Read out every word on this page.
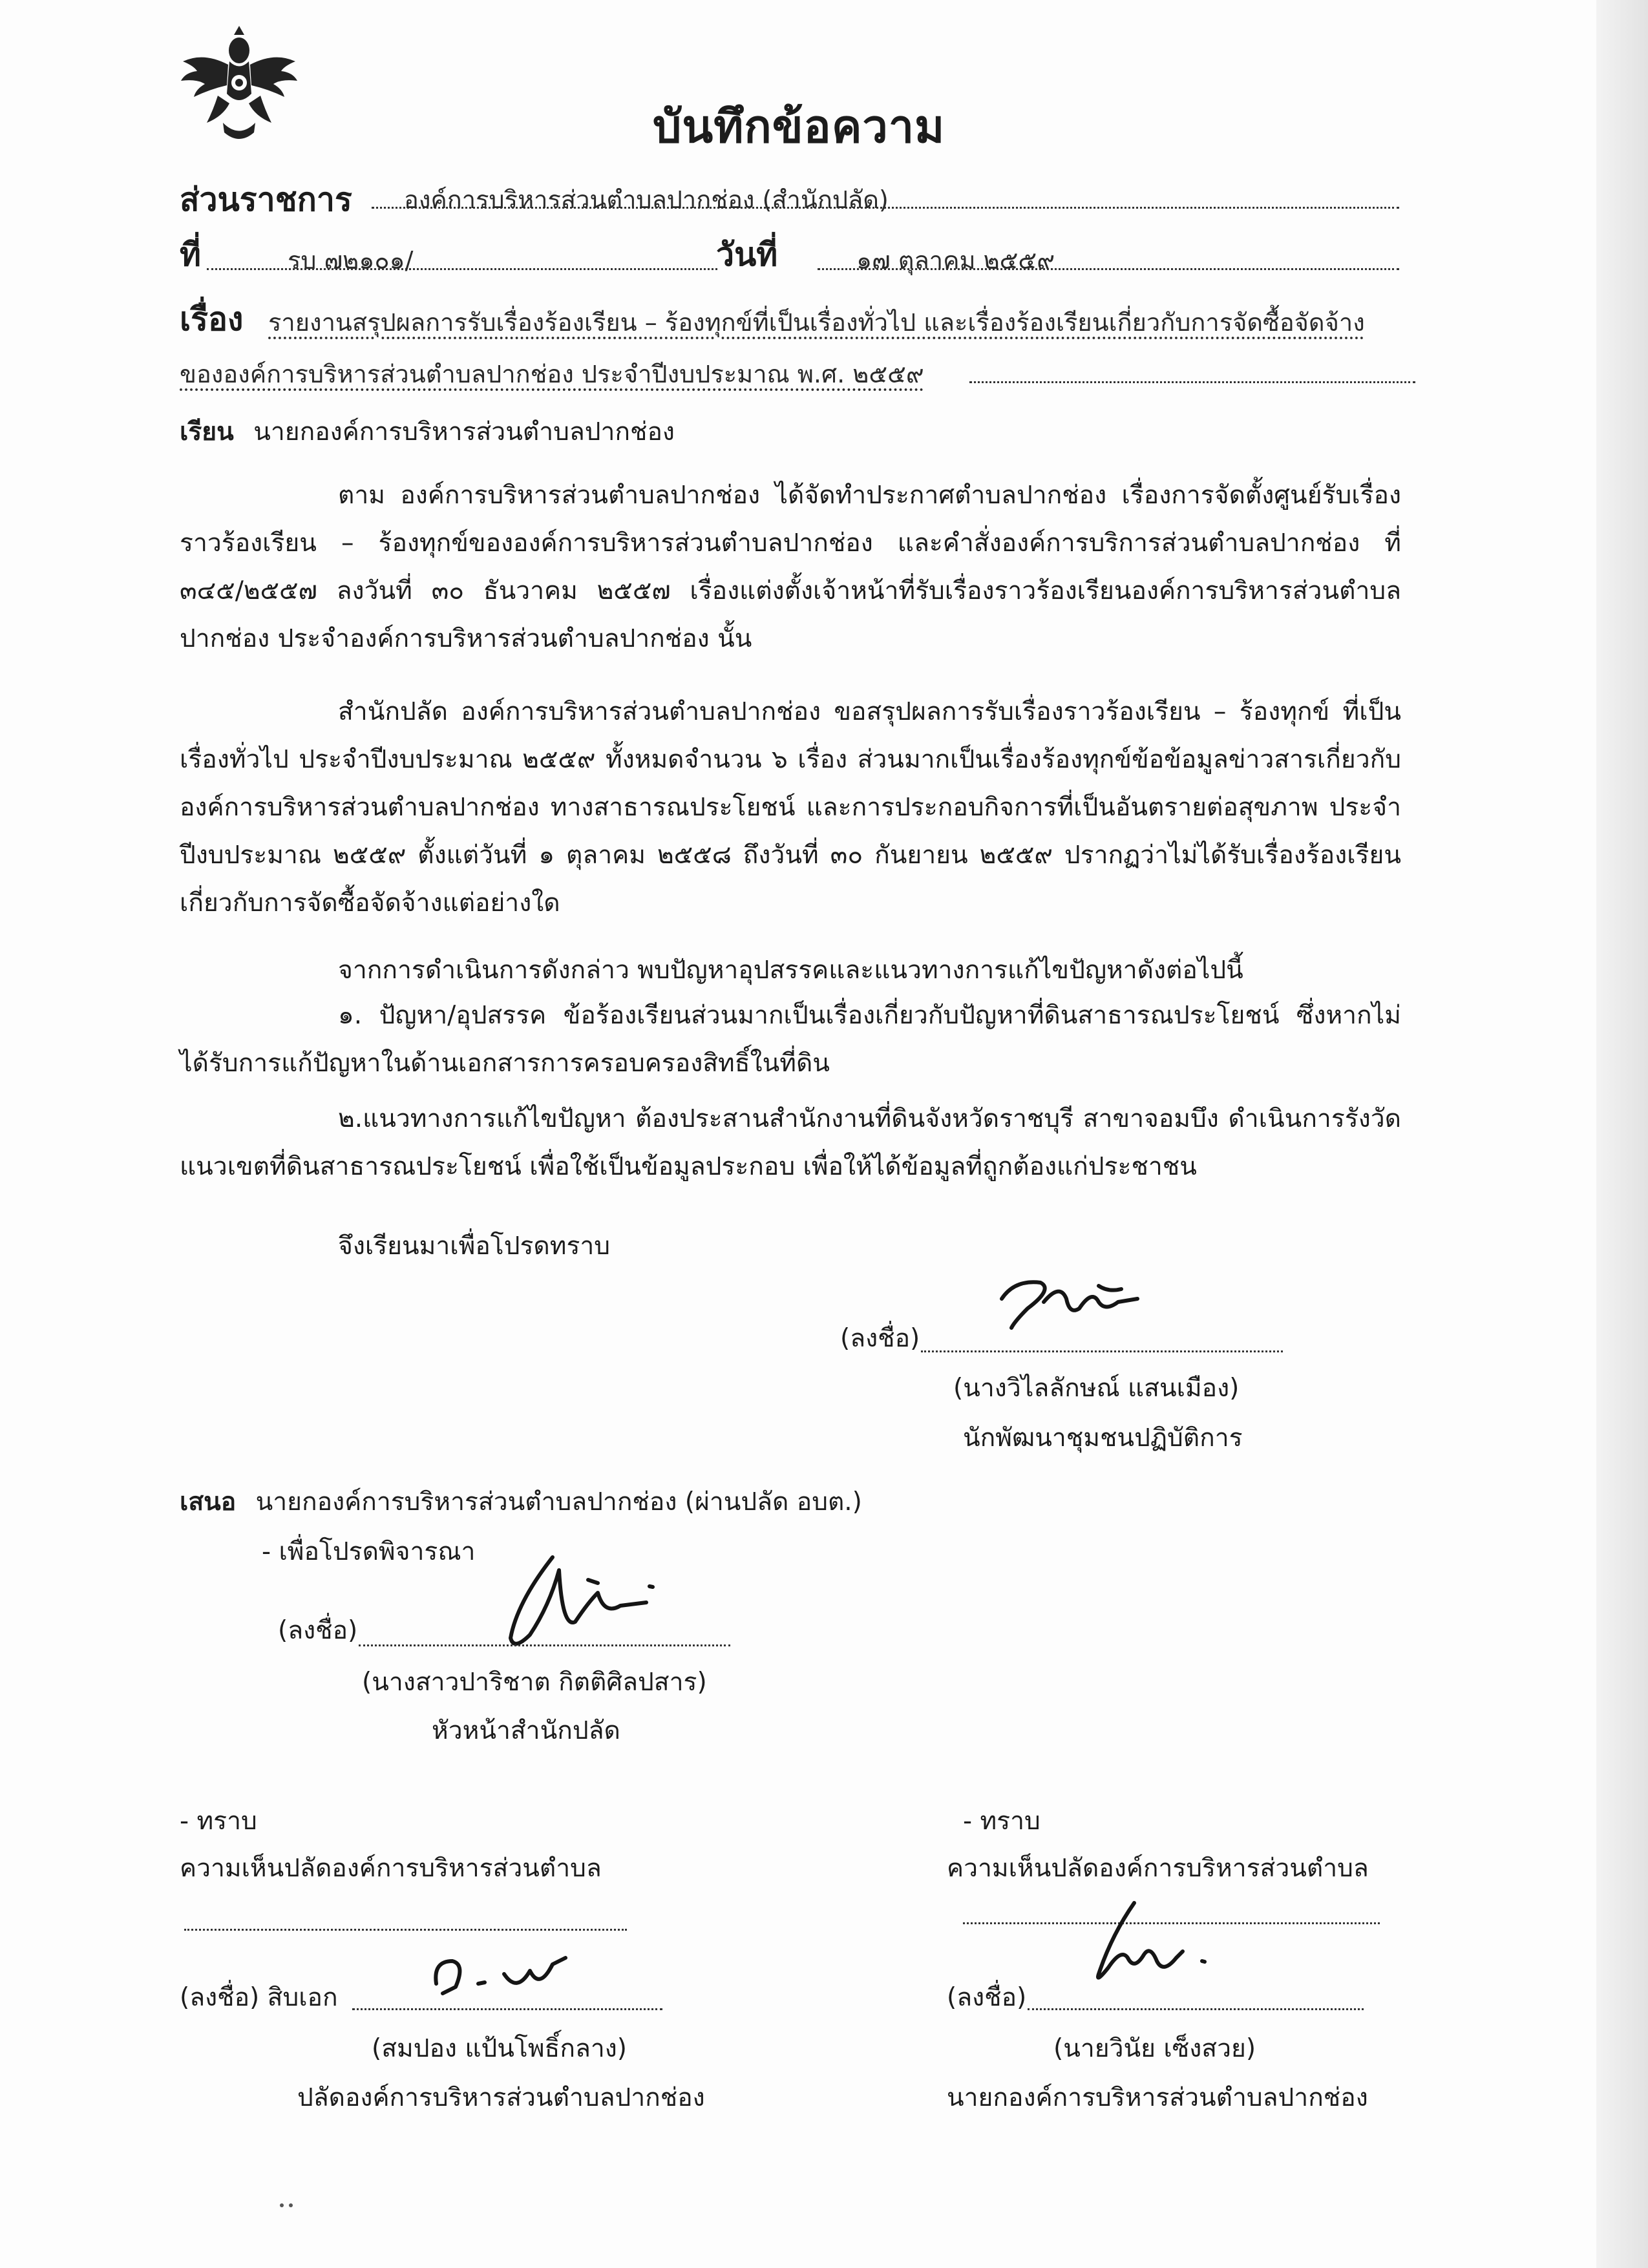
บันทึกข้อความ
ส่วนราชการ องค์การบริหารส่วนตำบลปากช่อง (สำนักปลัด)
ที่	รบ ๗๒๑๐๑/	วันที่	๑๗ ตุลาคม ๒๕๕๙
เรื่อง รายงานสรุปผลการรับเรื่องร้องเรียน – ร้องทุกข์ที่เป็นเรื่องทั่วไป และเรื่องร้องเรียนเกี่ยวกับการจัดซื้อจัดจ้าง
ขององค์การบริหารส่วนตำบลปากช่อง ประจำปีงบประมาณ พ.ศ. ๒๕๕๙
เรียน นายกองค์การบริหารส่วนตำบลปากช่อง
ตาม องค์การบริหารส่วนตำบลปากช่อง ได้จัดทำประกาศตำบลปากช่อง เรื่องการจัดตั้งศูนย์รับเรื่องราวร้องเรียน – ร้องทุกข์ขององค์การบริหารส่วนตำบลปากช่อง และคำสั่งองค์การบริการส่วนตำบลปากช่อง ที่ ๓๔๕/๒๕๕๗ ลงวันที่ ๓๐ ธันวาคม ๒๕๕๗ เรื่องแต่งตั้งเจ้าหน้าที่รับเรื่องราวร้องเรียนองค์การบริหารส่วนตำบลปากช่อง ประจำองค์การบริหารส่วนตำบลปากช่อง นั้น
สำนักปลัด องค์การบริหารส่วนตำบลปากช่อง ขอสรุปผลการรับเรื่องราวร้องเรียน – ร้องทุกข์ ที่เป็นเรื่องทั่วไป ประจำปีงบประมาณ ๒๕๕๙ ทั้งหมดจำนวน ๖ เรื่อง ส่วนมากเป็นเรื่องร้องทุกข์ข้อข้อมูลข่าวสารเกี่ยวกับองค์การบริหารส่วนตำบลปากช่อง ทางสาธารณประโยชน์ และการประกอบกิจการที่เป็นอันตรายต่อสุขภาพ ประจำปีงบประมาณ ๒๕๕๙ ตั้งแต่วันที่ ๑ ตุลาคม ๒๕๕๘ ถึงวันที่ ๓๐ กันยายน ๒๕๕๙ ปรากฏว่าไม่ได้รับเรื่องร้องเรียนเกี่ยวกับการจัดซื้อจัดจ้างแต่อย่างใด
จากการดำเนินการดังกล่าว พบปัญหาอุปสรรคและแนวทางการแก้ไขปัญหาดังต่อไปนี้
๑. ปัญหา/อุปสรรค ข้อร้องเรียนส่วนมากเป็นเรื่องเกี่ยวกับปัญหาที่ดินสาธารณประโยชน์ ซึ่งหากไม่ได้รับการแก้ปัญหาในด้านเอกสารการครอบครองสิทธิ์ในที่ดิน
๒.แนวทางการแก้ไขปัญหา ต้องประสานสำนักงานที่ดินจังหวัดราชบุรี สาขาจอมบึง ดำเนินการรังวัดแนวเขตที่ดินสาธารณประโยชน์ เพื่อใช้เป็นข้อมูลประกอบ เพื่อให้ได้ข้อมูลที่ถูกต้องแก่ประชาชน
จึงเรียนมาเพื่อโปรดทราบ
(ลงชื่อ)
(นางวิไลลักษณ์ แสนเมือง)
นักพัฒนาชุมชนปฏิบัติการ
เสนอ นายกองค์การบริหารส่วนตำบลปากช่อง (ผ่านปลัด อบต.)
- เพื่อโปรดพิจารณา
(ลงชื่อ)
(นางสาวปาริชาต กิตติศิลปสาร)
หัวหน้าสำนักปลัด
- ทราบ
ความเห็นปลัดองค์การบริหารส่วนตำบล
(ลงชื่อ) สิบเอก
(สมปอง แป้นโพธิ์กลาง)
ปลัดองค์การบริหารส่วนตำบลปากช่อง
- ทราบ
ความเห็นปลัดองค์การบริหารส่วนตำบล
(ลงชื่อ)
(นายวินัย เซ็งสวย)
นายกองค์การบริหารส่วนตำบลปากช่อง
